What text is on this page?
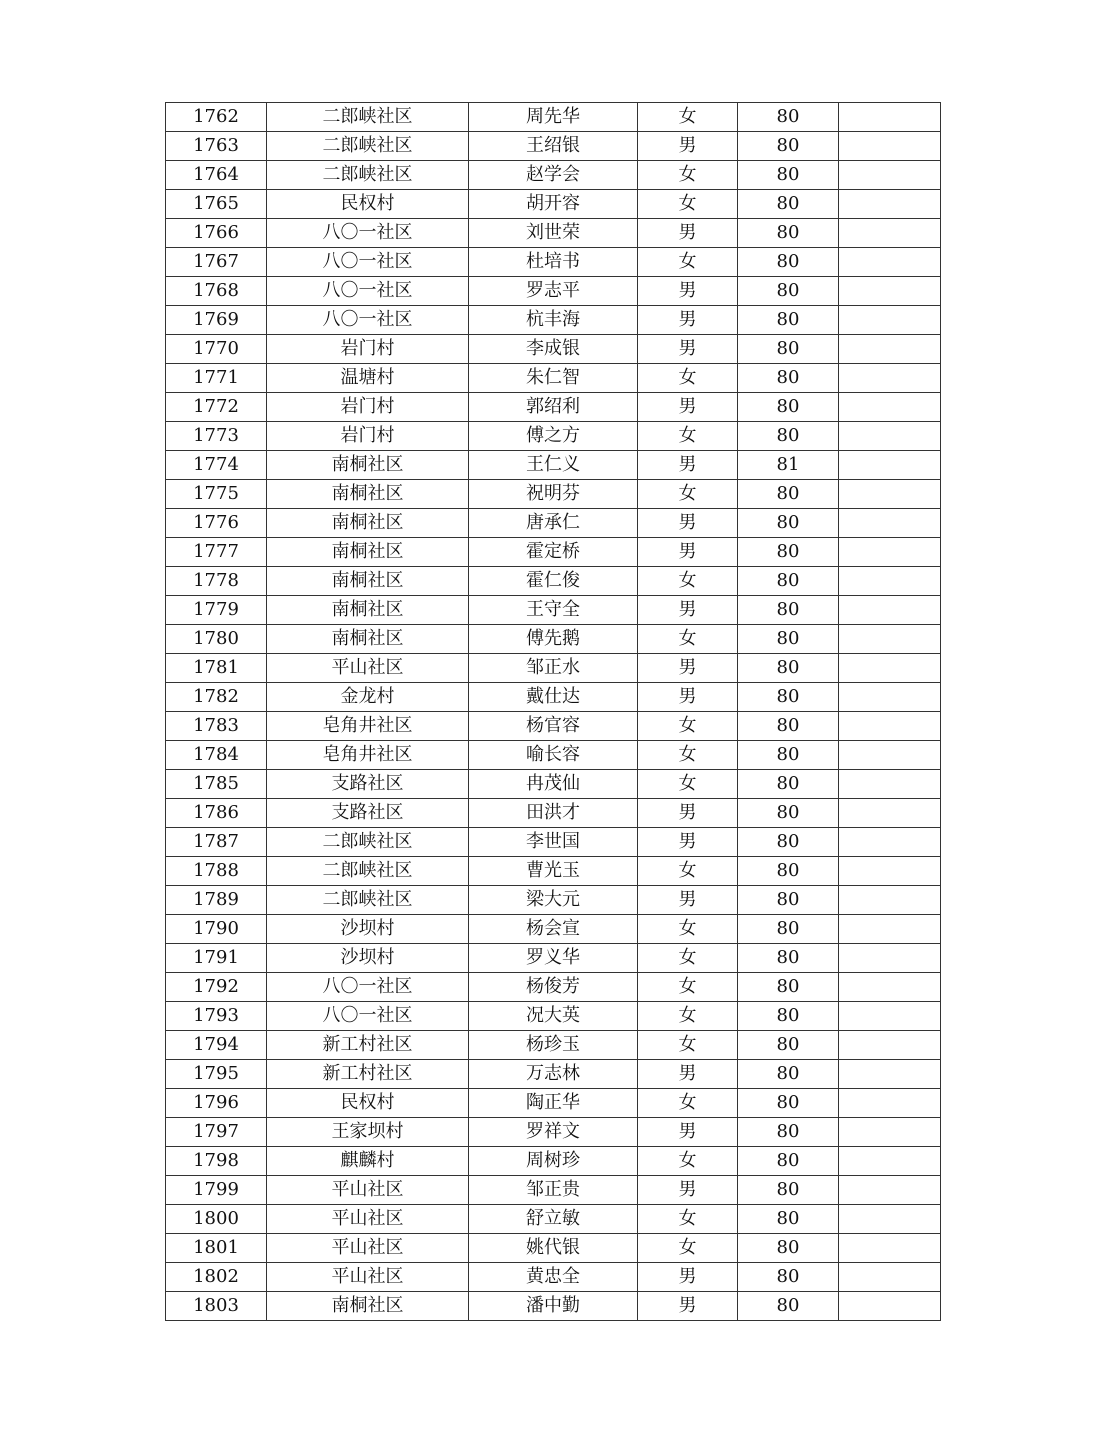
1762	二郎峡社区	周先华	女	80	
1763	二郎峡社区	王绍银	男	80	
1764	二郎峡社区	赵学会	女	80	
1765	民权村	胡开容	女	80	
1766	八〇一社区	刘世荣	男	80	
1767	八〇一社区	杜培书	女	80	
1768	八〇一社区	罗志平	男	80	
1769	八〇一社区	杭丰海	男	80	
1770	岩门村	李成银	男	80	
1771	温塘村	朱仁智	女	80	
1772	岩门村	郭绍利	男	80	
1773	岩门村	傅之方	女	80	
1774	南桐社区	王仁义	男	81	
1775	南桐社区	祝明芬	女	80	
1776	南桐社区	唐承仁	男	80	
1777	南桐社区	霍定桥	男	80	
1778	南桐社区	霍仁俊	女	80	
1779	南桐社区	王守全	男	80	
1780	南桐社区	傅先鹅	女	80	
1781	平山社区	邹正水	男	80	
1782	金龙村	戴仕达	男	80	
1783	皂角井社区	杨官容	女	80	
1784	皂角井社区	喻长容	女	80	
1785	支路社区	冉茂仙	女	80	
1786	支路社区	田洪才	男	80	
1787	二郎峡社区	李世国	男	80	
1788	二郎峡社区	曹光玉	女	80	
1789	二郎峡社区	梁大元	男	80	
1790	沙坝村	杨会宣	女	80	
1791	沙坝村	罗义华	女	80	
1792	八〇一社区	杨俊芳	女	80	
1793	八〇一社区	况大英	女	80	
1794	新工村社区	杨珍玉	女	80	
1795	新工村社区	万志林	男	80	
1796	民权村	陶正华	女	80	
1797	王家坝村	罗祥文	男	80	
1798	麒麟村	周树珍	女	80	
1799	平山社区	邹正贵	男	80	
1800	平山社区	舒立敏	女	80	
1801	平山社区	姚代银	女	80	
1802	平山社区	黄忠全	男	80	
1803	南桐社区	潘中勤	男	80	
